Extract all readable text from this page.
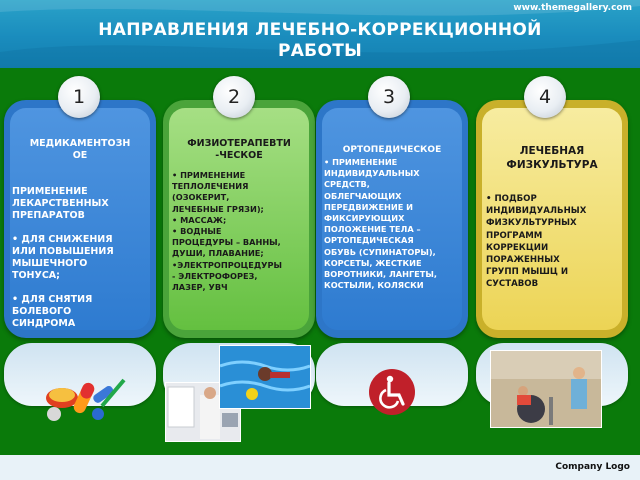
www.themegallery.com
НАПРАВЛЕНИЯ ЛЕЧЕБНО-КОРРЕКЦИОННОЙ
РАБОТЫ
1	2	3	4
МЕДИКАМЕНТОЗН
ОЕ
ПРИМЕНЕНИЕ
ЛЕКАРСТВЕННЫХ
ПРЕПАРАТОВ
• ДЛЯ СНИЖЕНИЯ
ИЛИ ПОВЫШЕНИЯ
МЫШЕЧНОГО
ТОНУСА;
• ДЛЯ СНЯТИЯ
БОЛЕВОГО
СИНДРОМА
ФИЗИОТЕРАПЕВТИ
-ЧЕСКОЕ
• ПРИМЕНЕНИЕ
ТЕПЛОЛЕЧЕНИЯ
(ОЗОКЕРИТ,
ЛЕЧЕБНЫЕ ГРЯЗИ);
• МАССАЖ;
• ВОДНЫЕ
ПРОЦЕДУРЫ – ВАННЫ,
ДУШИ, ПЛАВАНИЕ;
•ЭЛЕКТРОПРОЦЕДУРЫ
- ЭЛЕКТРОФОРЕЗ,
ЛАЗЕР, УВЧ
ОРТОПЕДИЧЕСКОЕ
• ПРИМЕНЕНИЕ
ИНДИВИДУАЛЬНЫХ
СРЕДСТВ,
ОБЛЕГЧАЮЩИХ
ПЕРЕДВИЖЕНИЕ И
ФИКСИРУЮЩИХ
ПОЛОЖЕНИЕ ТЕЛА –
ОРТОПЕДИЧЕСКАЯ
ОБУВЬ (СУПИНАТОРЫ),
КОРСЕТЫ, ЖЕСТКИЕ
ВОРОТНИКИ, ЛАНГЕТЫ,
КОСТЫЛИ, КОЛЯСКИ
ЛЕЧЕБНАЯ
ФИЗКУЛЬТУРА
• ПОДБОР
ИНДИВИДУАЛЬНЫХ
ФИЗКУЛЬТУРНЫХ
ПРОГРАММ
КОРРЕКЦИИ
ПОРАЖЕННЫХ
ГРУПП МЫШЦ И
СУСТАВОВ
Company Logo
